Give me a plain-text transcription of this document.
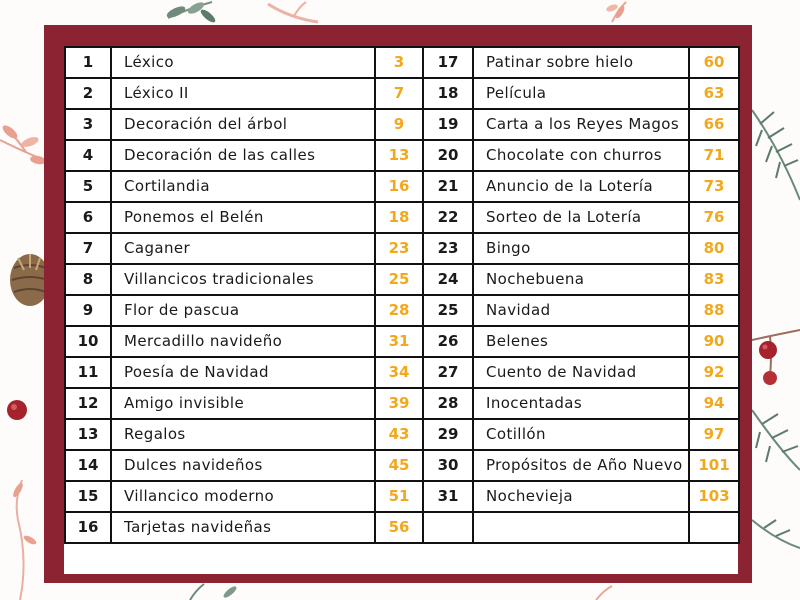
1	Léxico	3	17	Patinar sobre hielo	60
2	Léxico II	7	18	Película	63
3	Decoración del árbol	9	19	Carta a los Reyes Magos	66
4	Decoración de las calles	13	20	Chocolate con churros	71
5	Cortilandia	16	21	Anuncio de la Lotería	73
6	Ponemos el Belén	18	22	Sorteo de la Lotería	76
7	Caganer	23	23	Bingo	80
8	Villancicos tradicionales	25	24	Nochebuena	83
9	Flor de pascua	28	25	Navidad	88
10	Mercadillo navideño	31	26	Belenes	90
11	Poesía de Navidad	34	27	Cuento de Navidad	92
12	Amigo invisible	39	28	Inocentadas	94
13	Regalos	43	29	Cotillón	97
14	Dulces navideños	45	30	Propósitos de Año Nuevo	101
15	Villancico moderno	51	31	Nochevieja	103
16	Tarjetas navideñas	56			
